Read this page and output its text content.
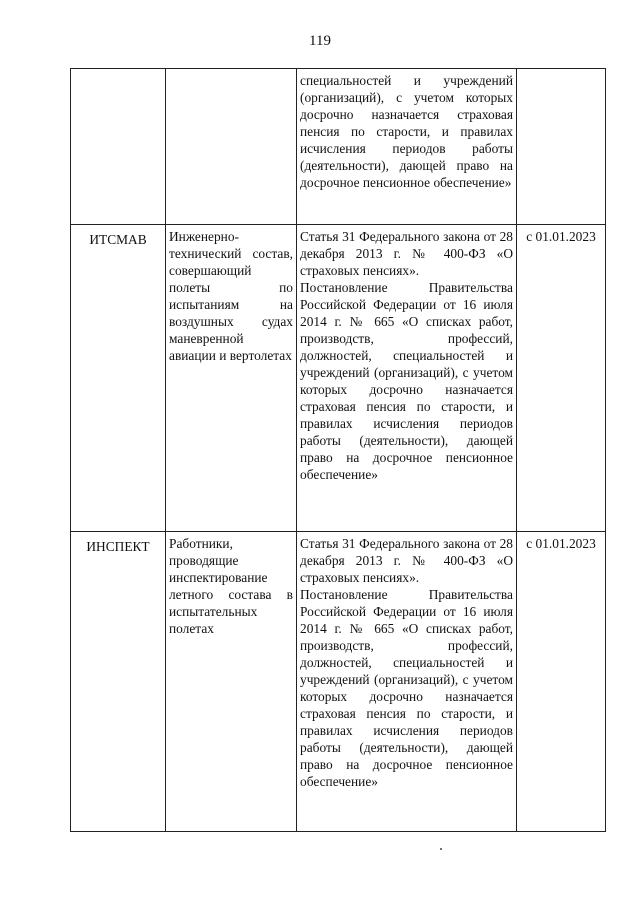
119

		специальностей и учреждений (организаций), с учетом которых досрочно назначается страховая пенсия по старости, и правилах исчисления периодов работы (деятельности), дающей право на досрочное пенсионное обеспечение»	

ИТСМАВ	Инженерно-технический состав, совершающий полеты по испытаниям на воздушных судах маневренной авиации и вертолетах	Статья 31 Федерального закона от 28 декабря 2013 г. № 400-ФЗ «О страховых пенсиях».
Постановление Правительства Российской Федерации от 16 июля 2014 г. № 665 «О списках работ, производств, профессий, должностей, специальностей и учреждений (организаций), с учетом которых досрочно назначается страховая пенсия по старости, и правилах исчисления периодов работы (деятельности), дающей право на досрочное пенсионное обеспечение»	с 01.01.2023
ИНСПЕКТ	Работники, проводящие инспектирование летного состава в испытательных полетах	Статья 31 Федерального закона от 28 декабря 2013 г. № 400-ФЗ «О страховых пенсиях».
Постановление Правительства Российской Федерации от 16 июля 2014 г. № 665 «О списках работ, производств, профессий, должностей, специальностей и учреждений (организаций), с учетом которых досрочно назначается страховая пенсия по старости, и правилах исчисления периодов работы (деятельности), дающей право на досрочное пенсионное обеспечение»	с 01.01.2023
